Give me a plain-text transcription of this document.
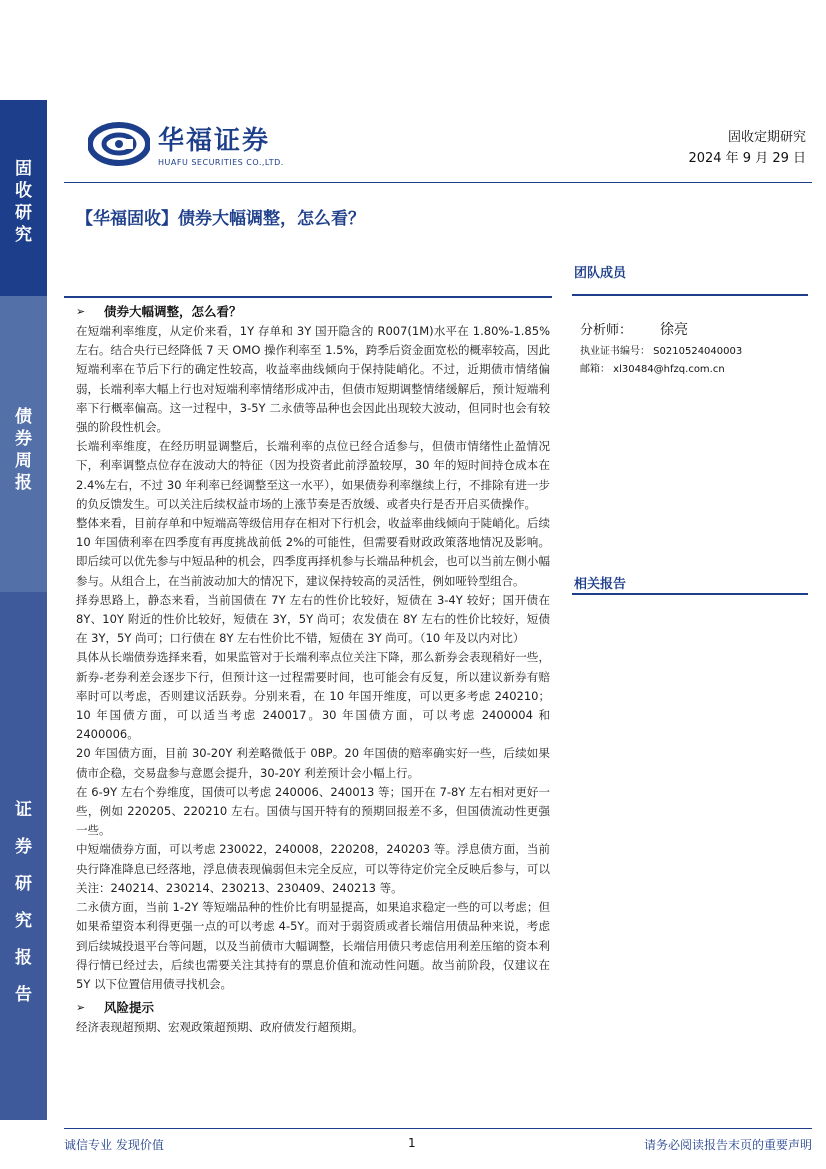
固
收
研
究
债
券
周
报
证
券
研
究
报
告
华福证券
HUAFU SECURITIES CO.,LTD.
固收定期研究
2024 年 9 月 29 日
【华福固收】债券大幅调整，怎么看？
团队成员
分析师： 徐亮
执业证书编号： S0210524040003
邮箱： xl30484@hfzq.com.cn
相关报告
➢	债券大幅调整，怎么看？

在短端利率维度，从定价来看，1Y 存单和 3Y 国开隐含的 R007(1M)水平在 1.80%-1.85%左右。结合央行已经降低 7 天 OMO 操作利率至 1.5%，跨季后资金面宽松的概率较高，因此短端利率在节后下行的确定性较高，收益率曲线倾向于保持陡峭化。不过，近期债市情绪偏弱，长端利率大幅上行也对短端利率情绪形成冲击，但债市短期调整情绪缓解后，预计短端利率下行概率偏高。这一过程中，3-5Y 二永债等品种也会因此出现较大波动，但同时也会有较强的阶段性机会。

长端利率维度，在经历明显调整后，长端利率的点位已经合适参与，但债市情绪性止盈情况下，利率调整点位存在波动大的特征（因为投资者此前浮盈较厚，30 年的短时间持仓成本在 2.4%左右，不过 30 年利率已经调整至这一水平），如果债券利率继续上行，不排除有进一步的负反馈发生。可以关注后续权益市场的上涨节奏是否放缓、或者央行是否开启买债操作。

整体来看，目前存单和中短端高等级信用存在相对下行机会，收益率曲线倾向于陡峭化。后续 10 年国债利率在四季度有再度挑战前低 2%的可能性，但需要看财政政策落地情况及影响。即后续可以优先参与中短品种的机会，四季度再择机参与长端品种机会，也可以当前左侧小幅参与。从组合上，在当前波动加大的情况下，建议保持较高的灵活性，例如哑铃型组合。

择券思路上，静态来看，当前国债在 7Y 左右的性价比较好，短债在 3-4Y 较好；国开债在 8Y、10Y 附近的性价比较好，短债在 3Y，5Y 尚可；农发债在 8Y 左右的性价比较好，短债在 3Y，5Y 尚可；口行债在 8Y 左右性价比不错，短债在 3Y 尚可。（10 年及以内对比）

具体从长端债券选择来看，如果监管对于长端利率点位关注下降，那么新券会表现稍好一些，新券-老券利差会逐步下行，但预计这一过程需要时间，也可能会有反复，所以建议新券有赔率时可以考虑，否则建议活跃券。分别来看，在 10 年国开维度，可以更多考虑 240210；10 年国债方面，可以适当考虑 240017。30 年国债方面，可以考虑 2400004 和 2400006。

20 年国债方面，目前 30-20Y 利差略微低于 0BP。20 年国债的赔率确实好一些，后续如果债市企稳，交易盘参与意愿会提升，30-20Y 利差预计会小幅上行。

在 6-9Y 左右个券维度，国债可以考虑 240006、240013 等；国开在 7-8Y 左右相对更好一些，例如 220205、220210 左右。国债与国开特有的预期回报差不多，但国债流动性更强一些。

中短端债券方面，可以考虑 230022，240008，220208，240203 等。浮息债方面，当前央行降准降息已经落地，浮息债表现偏弱但未完全反应，可以等待定价完全反映后参与，可以关注：240214、230214、230213、230409、240213 等。

二永债方面，当前 1-2Y 等短端品种的性价比有明显提高，如果追求稳定一些的可以考虑；但如果希望资本利得更强一点的可以考虑 4-5Y。而对于弱资质或者长端信用债品种来说，考虑到后续城投退平台等问题，以及当前债市大幅调整，长端信用债只考虑信用利差压缩的资本利得行情已经过去，后续也需要关注其持有的票息价值和流动性问题。故当前阶段，仅建议在 5Y 以下位置信用债寻找机会。

➢	风险提示

经济表现超预期、宏观政策超预期、政府债发行超预期。

诚信专业 发现价值	1	请务必阅读报告末页的重要声明
